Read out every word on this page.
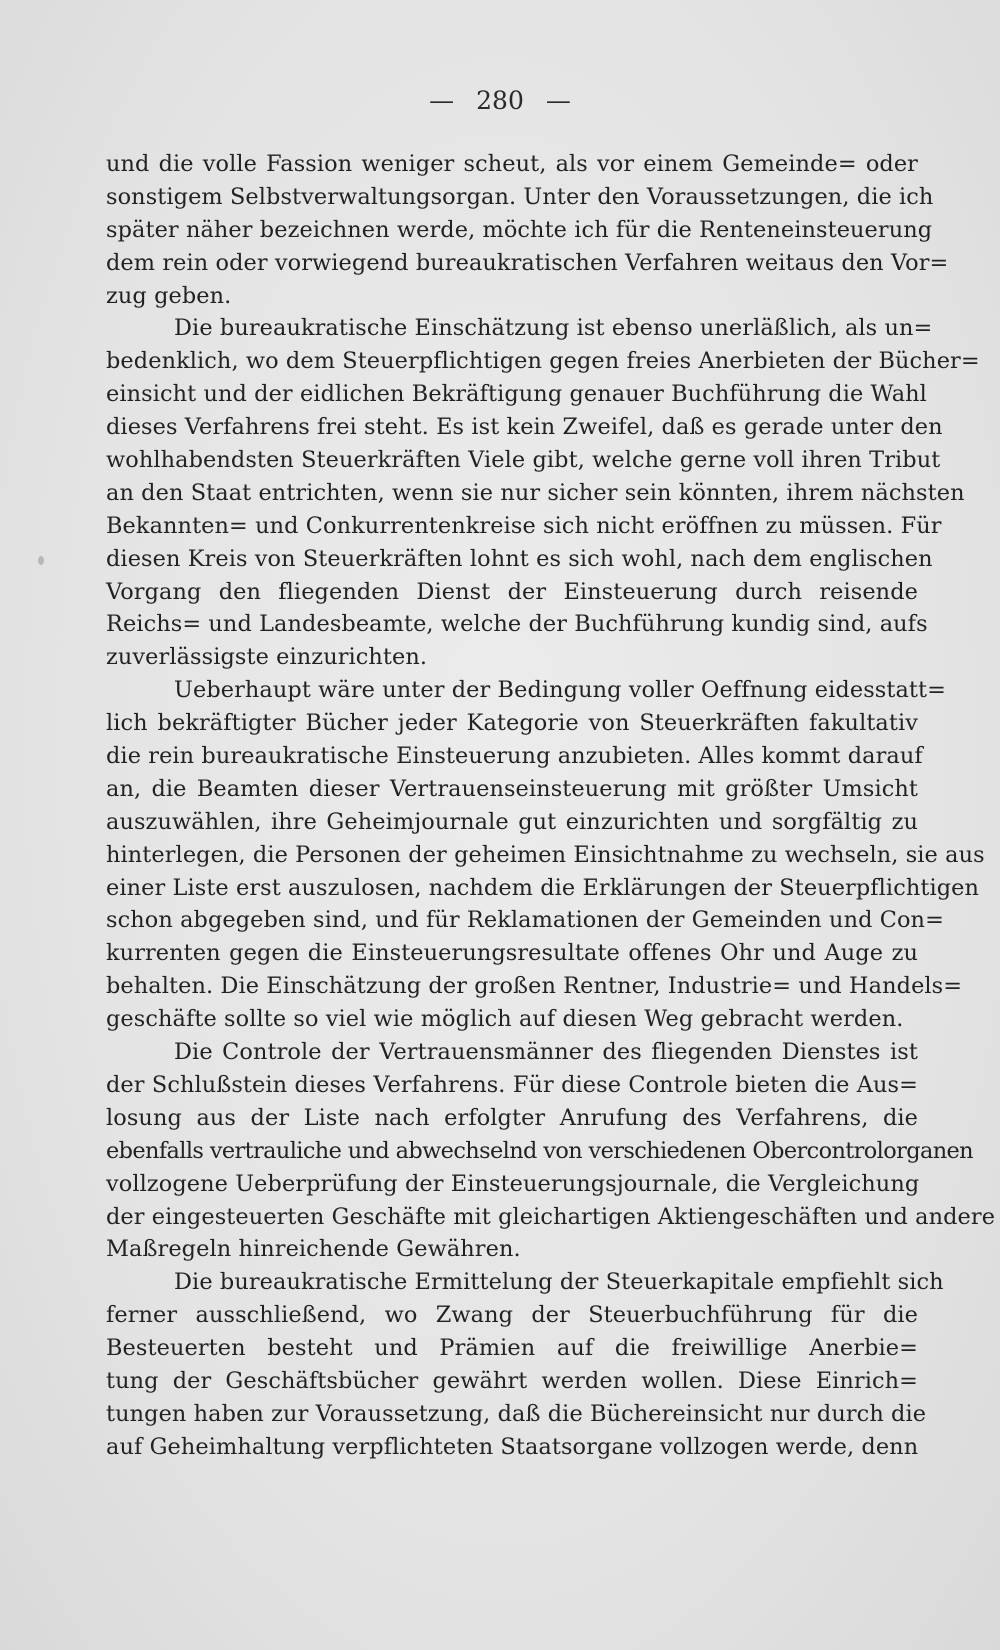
— 280 —
und die volle Fassion weniger scheut, als vor einem Gemeinde= oder
sonstigem Selbstverwaltungsorgan. Unter den Voraussetzungen, die ich
später näher bezeichnen werde, möchte ich für die Renteneinsteuerung
dem rein oder vorwiegend bureaukratischen Verfahren weitaus den Vor=
zug geben.
Die bureaukratische Einschätzung ist ebenso unerläßlich, als un=
bedenklich, wo dem Steuerpflichtigen gegen freies Anerbieten der Bücher=
einsicht und der eidlichen Bekräftigung genauer Buchführung die Wahl
dieses Verfahrens frei steht. Es ist kein Zweifel, daß es gerade unter den
wohlhabendsten Steuerkräften Viele gibt, welche gerne voll ihren Tribut
an den Staat entrichten, wenn sie nur sicher sein könnten, ihrem nächsten
Bekannten= und Conkurrentenkreise sich nicht eröffnen zu müssen. Für
diesen Kreis von Steuerkräften lohnt es sich wohl, nach dem englischen
Vorgang den fliegenden Dienst der Einsteuerung durch reisende
Reichs= und Landesbeamte, welche der Buchführung kundig sind, aufs
zuverlässigste einzurichten.
Ueberhaupt wäre unter der Bedingung voller Oeffnung eidesstatt=
lich bekräftigter Bücher jeder Kategorie von Steuerkräften fakultativ
die rein bureaukratische Einsteuerung anzubieten. Alles kommt darauf
an, die Beamten dieser Vertrauenseinsteuerung mit größter Umsicht
auszuwählen, ihre Geheimjournale gut einzurichten und sorgfältig zu
hinterlegen, die Personen der geheimen Einsichtnahme zu wechseln, sie aus
einer Liste erst auszulosen, nachdem die Erklärungen der Steuerpflichtigen
schon abgegeben sind, und für Reklamationen der Gemeinden und Con=
kurrenten gegen die Einsteuerungsresultate offenes Ohr und Auge zu
behalten. Die Einschätzung der großen Rentner, Industrie= und Handels=
geschäfte sollte so viel wie möglich auf diesen Weg gebracht werden.
Die Controle der Vertrauensmänner des fliegenden Dienstes ist
der Schlußstein dieses Verfahrens. Für diese Controle bieten die Aus=
losung aus der Liste nach erfolgter Anrufung des Verfahrens, die
ebenfalls vertrauliche und abwechselnd von verschiedenen Obercontrolorganen
vollzogene Ueberprüfung der Einsteuerungsjournale, die Vergleichung
der eingesteuerten Geschäfte mit gleichartigen Aktiengeschäften und andere
Maßregeln hinreichende Gewähren.
Die bureaukratische Ermittelung der Steuerkapitale empfiehlt sich
ferner ausschließend, wo Zwang der Steuerbuchführung für die
Besteuerten besteht und Prämien auf die freiwillige Anerbie=
tung der Geschäftsbücher gewährt werden wollen. Diese Einrich=
tungen haben zur Voraussetzung, daß die Büchereinsicht nur durch die
auf Geheimhaltung verpflichteten Staatsorgane vollzogen werde, denn
